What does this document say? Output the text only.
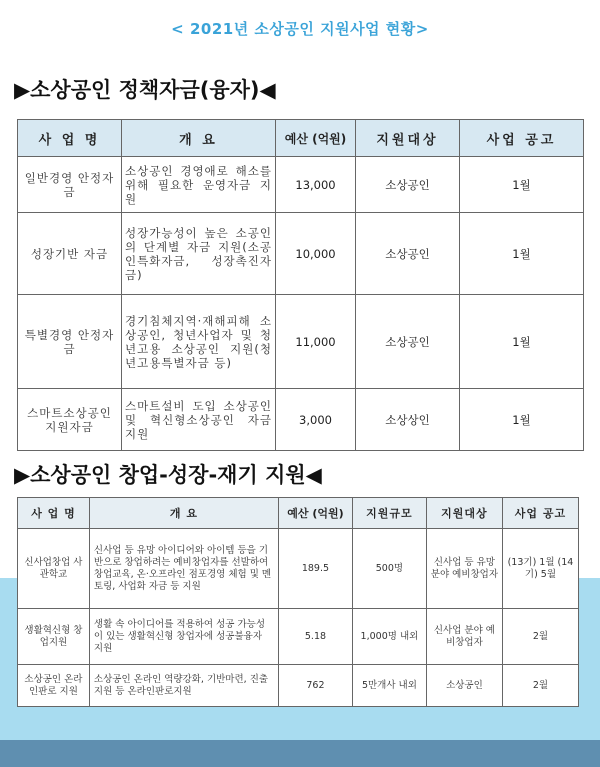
< 2021년 소상공인 지원사업 현황>
▶소상공인 정책자금(융자)◀
사 업 명	개 요	예산 (억원)	지원대상	사업 공고
일반경영 안정자금	소상공인 경영애로 해소를 위해 필요한 운영자금 지원	13,000	소상공인	1월
성장기반 자금	성장가능성이 높은 소공인의 단계별 자금 지원(소공인특화자금, 성장촉진자금)	10,000	소상공인	1월
특별경영 안정자금	경기침체지역·재해피해 소상공인, 청년사업자 및 청년고용 소상공인 지원(청년고용특별자금 등)	11,000	소상공인	1월
스마트소상공인 지원자금	스마트설비 도입 소상공인 및 혁신형소상공인 자금 지원	3,000	소상상인	1월
▶소상공인 창업-성장-재기 지원◀
사 업 명	개 요	예산 (억원)	지원규모	지원대상	사업 공고
신사업창업 사관학교	신사업 등 유망 아이디어와 아이템 등을 기반으로 창업하려는 예비창업자를 선발하여 창업교육, 온·오프라인 점포경영 체험 및 멘토링, 사업화 자금 등 지원	189.5	500명	신사업 등 유망 분야 예비창업자	(13기) 1월 (14기) 5월
생활혁신형 창업지원	생활 속 아이디어를 적용하여 성공 가능성이 있는 생활혁신형 창업자에 성공불융자 지원	5.18	1,000명 내외	신사업 분야 예비창업자	2월
소상공인 온라인판로 지원	소상공인 온라인 역량강화, 기반마련, 진출지원 등 온라인판로지원	762	5만개사 내외	소상공인	2월
